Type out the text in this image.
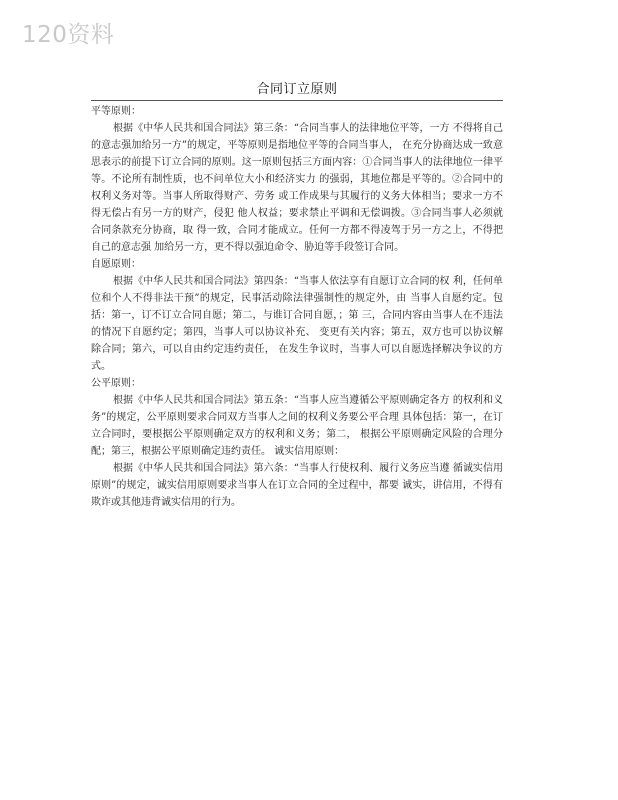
120资料
合同订立原则

平等原则：

根据《中华人民共和国合同法》第三条：“合同当事人的法律地位平等，一方 不得将自己的意志强加给另一方”的规定，平等原则是指地位平等的合同当事人， 在充分协商达成一致意思表示的前提下订立合同的原则。这一原则包括三方面内容：①合同当事人的法律地位一律平等。不论所有制性质，也不问单位大小和经济实力 的强弱，其地位都是平等的。②合同中的权利义务对等。当事人所取得财产、劳务 或工作成果与其履行的义务大体相当；要求一方不得无偿占有另一方的财产，侵犯 他人权益；要求禁止平调和无偿调拨。③合同当事人必须就合同条款充分协商，取 得一致，合同才能成立。任何一方都不得凌驾于另一方之上，不得把自己的意志强 加给另一方，更不得以强迫命令、胁迫等手段签订合同。

自愿原则：

根据《中华人民共和国合同法》第四条：“当事人依法享有自愿订立合同的权 利，任何单位和个人不得非法干预”的规定，民事活动除法律强制性的规定外，由 当事人自愿约定。包括：第一，订不订立合同自愿；第二，与谁订合同自愿，；第 三，合同内容由当事人在不违法的情况下自愿约定；第四，当事人可以协议补充、 变更有关内容；第五，双方也可以协议解除合同；第六，可以自由约定违约责任， 在发生争议时，当事人可以自愿选择解决争议的方式。

公平原则：

根据《中华人民共和国合同法》第五条：“当事人应当遵循公平原则确定各方 的权利和义务”的规定，公平原则要求合同双方当事人之间的权利义务要公平合理 具体包括：第一，在订立合同时，要根据公平原则确定双方的权利和义务；第二， 根据公平原则确定风险的合理分配；第三，根据公平原则确定违约责任。 诚实信用原则：

根据《中华人民共和国合同法》第六条：“当事人行使权利、履行义务应当遵 循诚实信用原则”的规定，诚实信用原则要求当事人在订立合同的全过程中，都要 诚实，讲信用，不得有欺诈或其他违背诚实信用的行为。
